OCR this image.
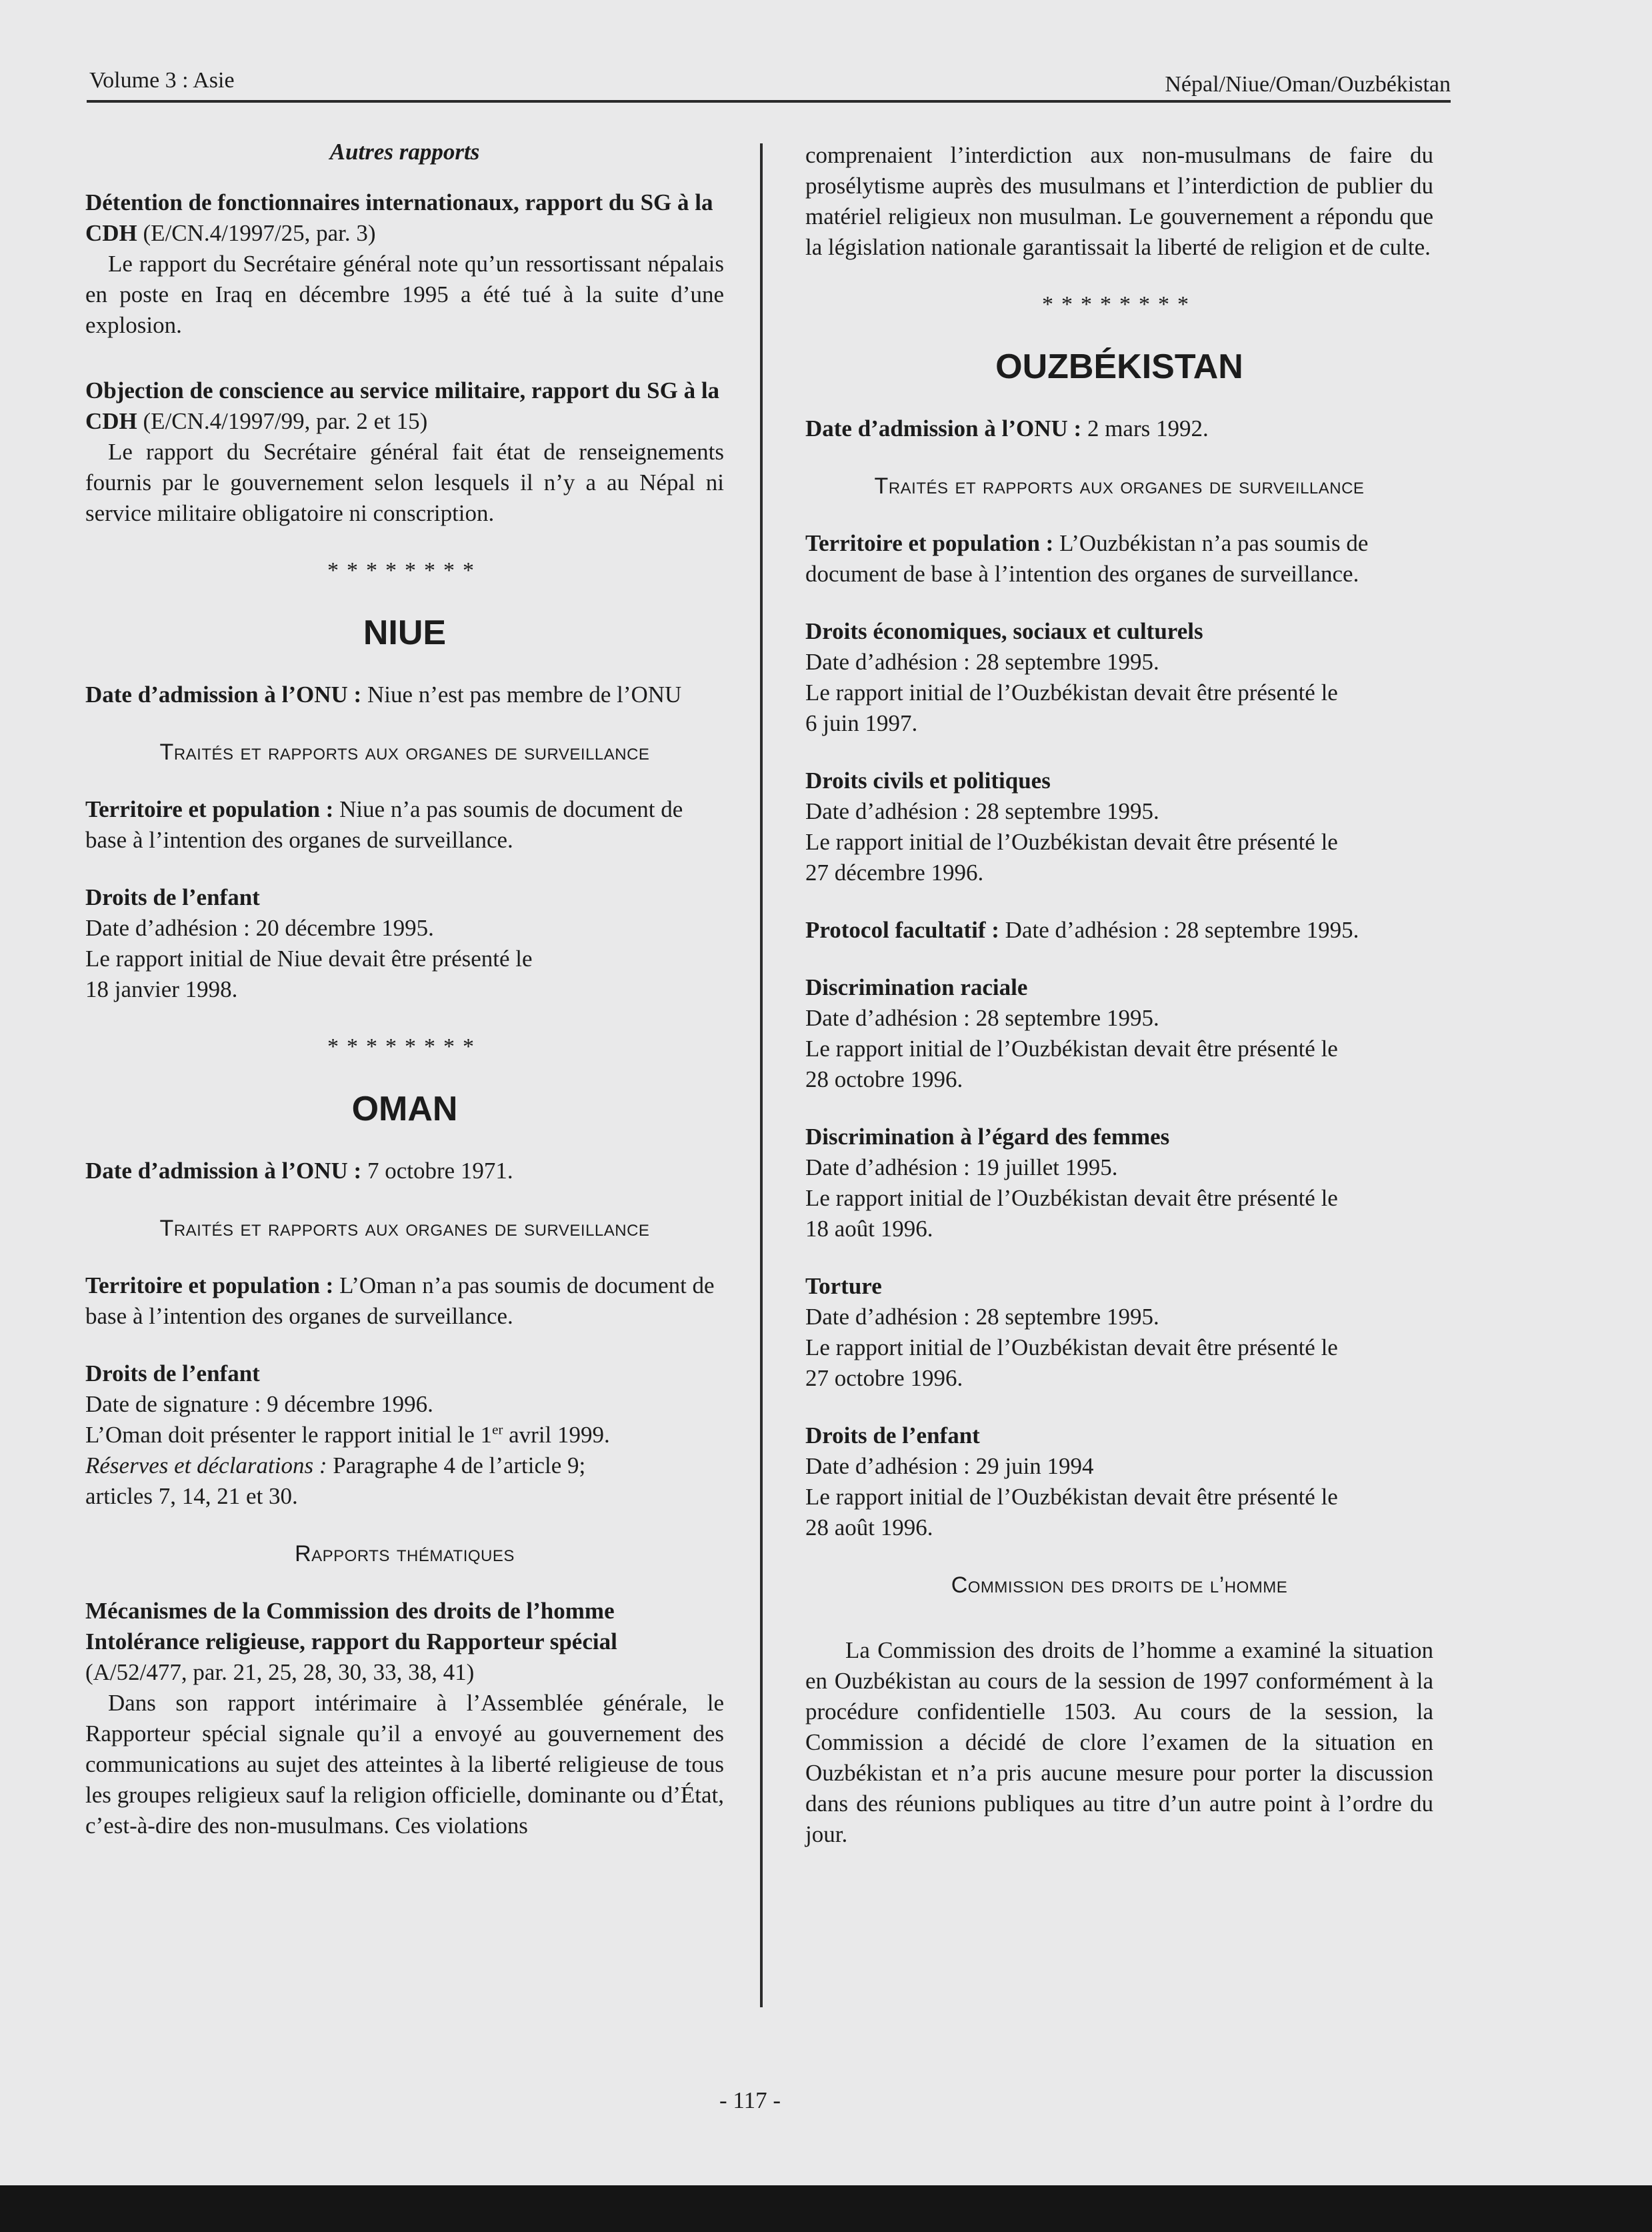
Volume 3 : Asie	Népal/Niue/Oman/Ouzbékistan

Autres rapports

Détention de fonctionnaires internationaux, rapport du SG à la CDH (E/CN.4/1997/25, par. 3)

Le rapport du Secrétaire général note qu’un ressortissant népalais en poste en Iraq en décembre 1995 a été tué à la suite d’une explosion.

Objection de conscience au service militaire, rapport du SG à la CDH (E/CN.4/1997/99, par. 2 et 15)

Le rapport du Secrétaire général fait état de renseignements fournis par le gouvernement selon lesquels il n’y a au Népal ni service militaire obligatoire ni conscription.

********

NIUE

Date d’admission à l’ONU : Niue n’est pas membre de l’ONU

Traités et rapports aux organes de surveillance

Territoire et population : Niue n’a pas soumis de document de base à l’intention des organes de surveillance.

Droits de l’enfant

Date d’adhésion : 20 décembre 1995.

Le rapport initial de Niue devait être présenté le

18 janvier 1998.

********

OMAN

Date d’admission à l’ONU : 7 octobre 1971.

Traités et rapports aux organes de surveillance

Territoire et population : L’Oman n’a pas soumis de document de base à l’intention des organes de surveillance.

Droits de l’enfant

Date de signature : 9 décembre 1996.

L’Oman doit présenter le rapport initial le 1er avril 1999.

Réserves et déclarations : Paragraphe 4 de l’article 9;

articles 7, 14, 21 et 30.

Rapports thématiques

Mécanismes de la Commission des droits de l’homme

Intolérance religieuse, rapport du Rapporteur spécial

(A/52/477, par. 21, 25, 28, 30, 33, 38, 41)

Dans son rapport intérimaire à l’Assemblée générale, le Rapporteur spécial signale qu’il a envoyé au gouvernement des communications au sujet des atteintes à la liberté religieuse de tous les groupes religieux sauf la religion officielle, dominante ou d’État, c’est-à-dire des non-musulmans. Ces violations

comprenaient l’interdiction aux non-musulmans de faire du prosélytisme auprès des musulmans et l’interdiction de publier du matériel religieux non musulman. Le gouvernement a répondu que la législation nationale garantissait la liberté de religion et de culte.

********

OUZBÉKISTAN

Date d’admission à l’ONU : 2 mars 1992.

Traités et rapports aux organes de surveillance

Territoire et population : L’Ouzbékistan n’a pas soumis de document de base à l’intention des organes de surveillance.

Droits économiques, sociaux et culturels

Date d’adhésion : 28 septembre 1995.

Le rapport initial de l’Ouzbékistan devait être présenté le

6 juin 1997.

Droits civils et politiques

Date d’adhésion : 28 septembre 1995.

Le rapport initial de l’Ouzbékistan devait être présenté le

27 décembre 1996.

Protocol facultatif : Date d’adhésion : 28 septembre 1995.

Discrimination raciale

Date d’adhésion : 28 septembre 1995.

Le rapport initial de l’Ouzbékistan devait être présenté le

28 octobre 1996.

Discrimination à l’égard des femmes

Date d’adhésion : 19 juillet 1995.

Le rapport initial de l’Ouzbékistan devait être présenté le

18 août 1996.

Torture

Date d’adhésion : 28 septembre 1995.

Le rapport initial de l’Ouzbékistan devait être présenté le

27 octobre 1996.

Droits de l’enfant

Date d’adhésion : 29 juin 1994

Le rapport initial de l’Ouzbékistan devait être présenté le

28 août 1996.

Commission des droits de l’homme

La Commission des droits de l’homme a examiné la situation en Ouzbékistan au cours de la session de 1997 conformément à la procédure confidentielle 1503. Au cours de la session, la Commission a décidé de clore l’examen de la situation en Ouzbékistan et n’a pris aucune mesure pour porter la discussion dans des réunions publiques au titre d’un autre point à l’ordre du jour.

- 117 -
